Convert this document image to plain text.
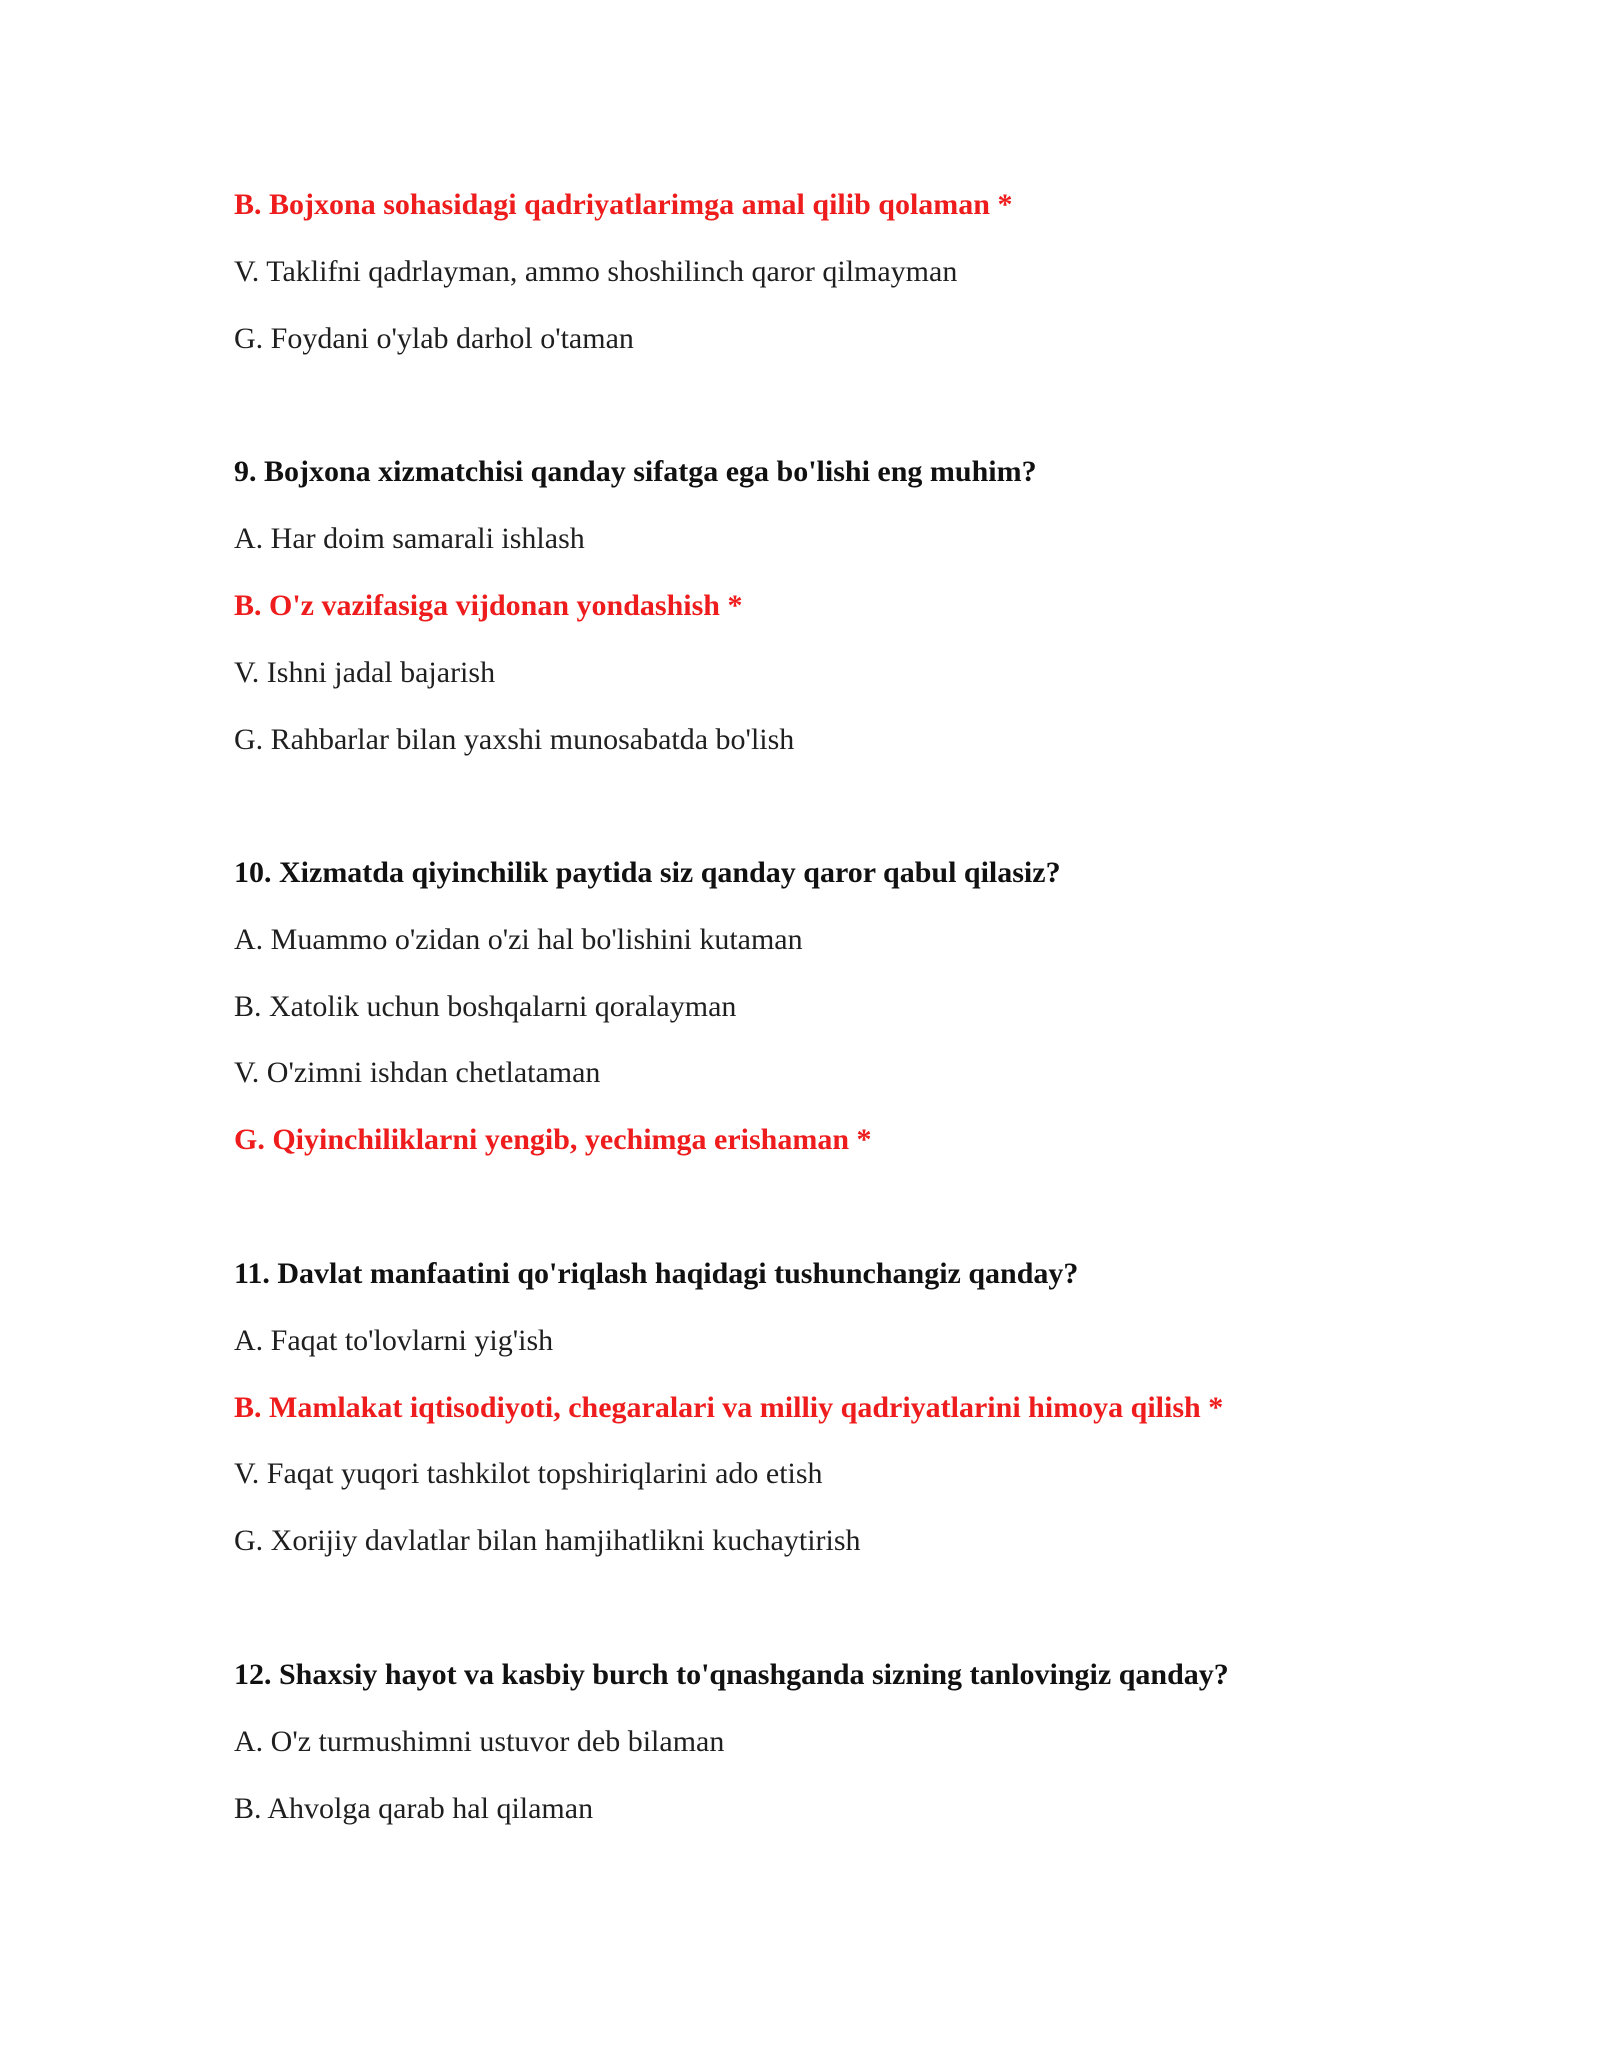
B. Bojxona sohasidagi qadriyatlarimga amal qilib qolaman *
V. Taklifni qadrlayman, ammo shoshilinch qaror qilmayman
G. Foydani o'ylab darhol o'taman
9. Bojxona xizmatchisi qanday sifatga ega bo'lishi eng muhim?
A. Har doim samarali ishlash
B. O'z vazifasiga vijdonan yondashish *
V. Ishni jadal bajarish
G. Rahbarlar bilan yaxshi munosabatda bo'lish
10. Xizmatda qiyinchilik paytida siz qanday qaror qabul qilasiz?
A. Muammo o'zidan o'zi hal bo'lishini kutaman
B. Xatolik uchun boshqalarni qoralayman
V. O'zimni ishdan chetlataman
G. Qiyinchiliklarni yengib, yechimga erishaman *
11. Davlat manfaatini qo'riqlash haqidagi tushunchangiz qanday?
A. Faqat to'lovlarni yig'ish
B. Mamlakat iqtisodiyoti, chegaralari va milliy qadriyatlarini himoya qilish *
V. Faqat yuqori tashkilot topshiriqlarini ado etish
G. Xorijiy davlatlar bilan hamjihatlikni kuchaytirish
12. Shaxsiy hayot va kasbiy burch to'qnashganda sizning tanlovingiz qanday?
A. O'z turmushimni ustuvor deb bilaman
B. Ahvolga qarab hal qilaman
